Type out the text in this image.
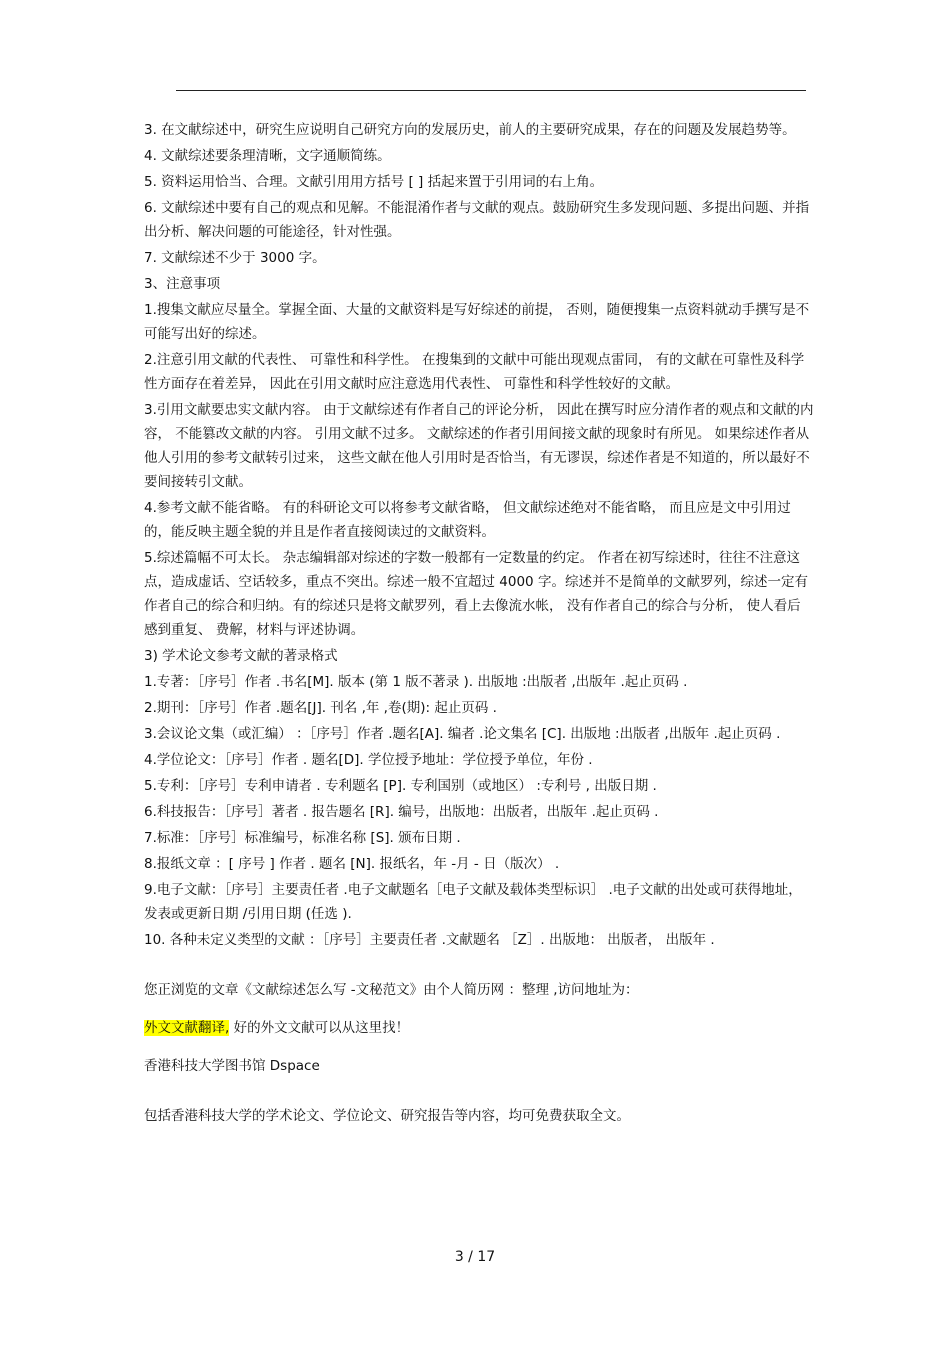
3. 在文献综述中，研究生应说明自己研究方向的发展历史，前人的主要研究成果，存在的问题及发展趋势等。

4. 文献综述要条理清晰，文字通顺简练。

5. 资料运用恰当、合理。文献引用用方括号 [ ] 括起来置于引用词的右上角。

6. 文献综述中要有自己的观点和见解。不能混淆作者与文献的观点。鼓励研究生多发现问题、多提出问题、并指出分析、解决问题的可能途径，针对性强。

7. 文献综述不少于 3000 字。

3、注意事项

1.搜集文献应尽量全。掌握全面、大量的文献资料是写好综述的前提， 否则，随便搜集一点资料就动手撰写是不可能写出好的综述。

2.注意引用文献的代表性、 可靠性和科学性。 在搜集到的文献中可能出现观点雷同， 有的文献在可靠性及科学性方面存在着差异， 因此在引用文献时应注意选用代表性、 可靠性和科学性较好的文献。

3.引用文献要忠实文献内容。 由于文献综述有作者自己的评论分析， 因此在撰写时应分清作者的观点和文献的内容， 不能篡改文献的内容。 引用文献不过多。 文献综述的作者引用间接文献的现象时有所见。 如果综述作者从他人引用的参考文献转引过来， 这些文献在他人引用时是否恰当，有无谬误，综述作者是不知道的，所以最好不要间接转引文献。

4.参考文献不能省略。 有的科研论文可以将参考文献省略， 但文献综述绝对不能省略， 而且应是文中引用过的，能反映主题全貌的并且是作者直接阅读过的文献资料。

5.综述篇幅不可太长。 杂志编辑部对综述的字数一般都有一定数量的约定。 作者在初写综述时，往往不注意这点，造成虚话、空话较多，重点不突出。综述一般不宜超过 4000 字。综述并不是简单的文献罗列，综述一定有作者自己的综合和归纳。有的综述只是将文献罗列，看上去像流水帐， 没有作者自己的综合与分析， 使人看后感到重复、 费解，材料与评述协调。

3) 学术论文参考文献的著录格式

1.专著：［序号］作者 .书名[M]. 版本 (第 1 版不著录 ). 出版地 :出版者 ,出版年 .起止页码 .

2.期刊：［序号］作者 .题名[J]. 刊名 ,年 ,卷(期): 起止页码 .

3.会议论文集（或汇编） ：［序号］作者 .题名[A]. 编者 .论文集名 [C]. 出版地 :出版者 ,出版年 .起止页码 .

4.学位论文：［序号］作者 . 题名[D]. 学位授予地址：学位授予单位，年份 .

5.专利：［序号］专利申请者 . 专利题名 [P]. 专利国别（或地区） :专利号 , 出版日期 .

6.科技报告：［序号］著者 . 报告题名 [R]. 编号，出版地：出版者，出版年 .起止页码 .

7.标准：［序号］标准编号，标准名称 [S]. 颁布日期 .

8.报纸文章 ：[ 序号 ] 作者 . 题名 [N]. 报纸名，年 -月 - 日（版次） .

9.电子文献：［序号］主要责任者 .电子文献题名［电子文献及载体类型标识］ .电子文献的出处或可获得地址，发表或更新日期 /引用日期 (任选 ).

10. 各种未定义类型的文献 ：［序号］主要责任者 .文献题名 ［Z］. 出版地： 出版者， 出版年 .

您正浏览的文章《文献综述怎么写 -文秘范文》由个人简历网 ：整理 ,访问地址为：

外文文献翻译, 好的外文文献可以从这里找！

香港科技大学图书馆 Dspace

包括香港科技大学的学术论文、学位论文、研究报告等内容，均可免费获取全文。

3 / 17
